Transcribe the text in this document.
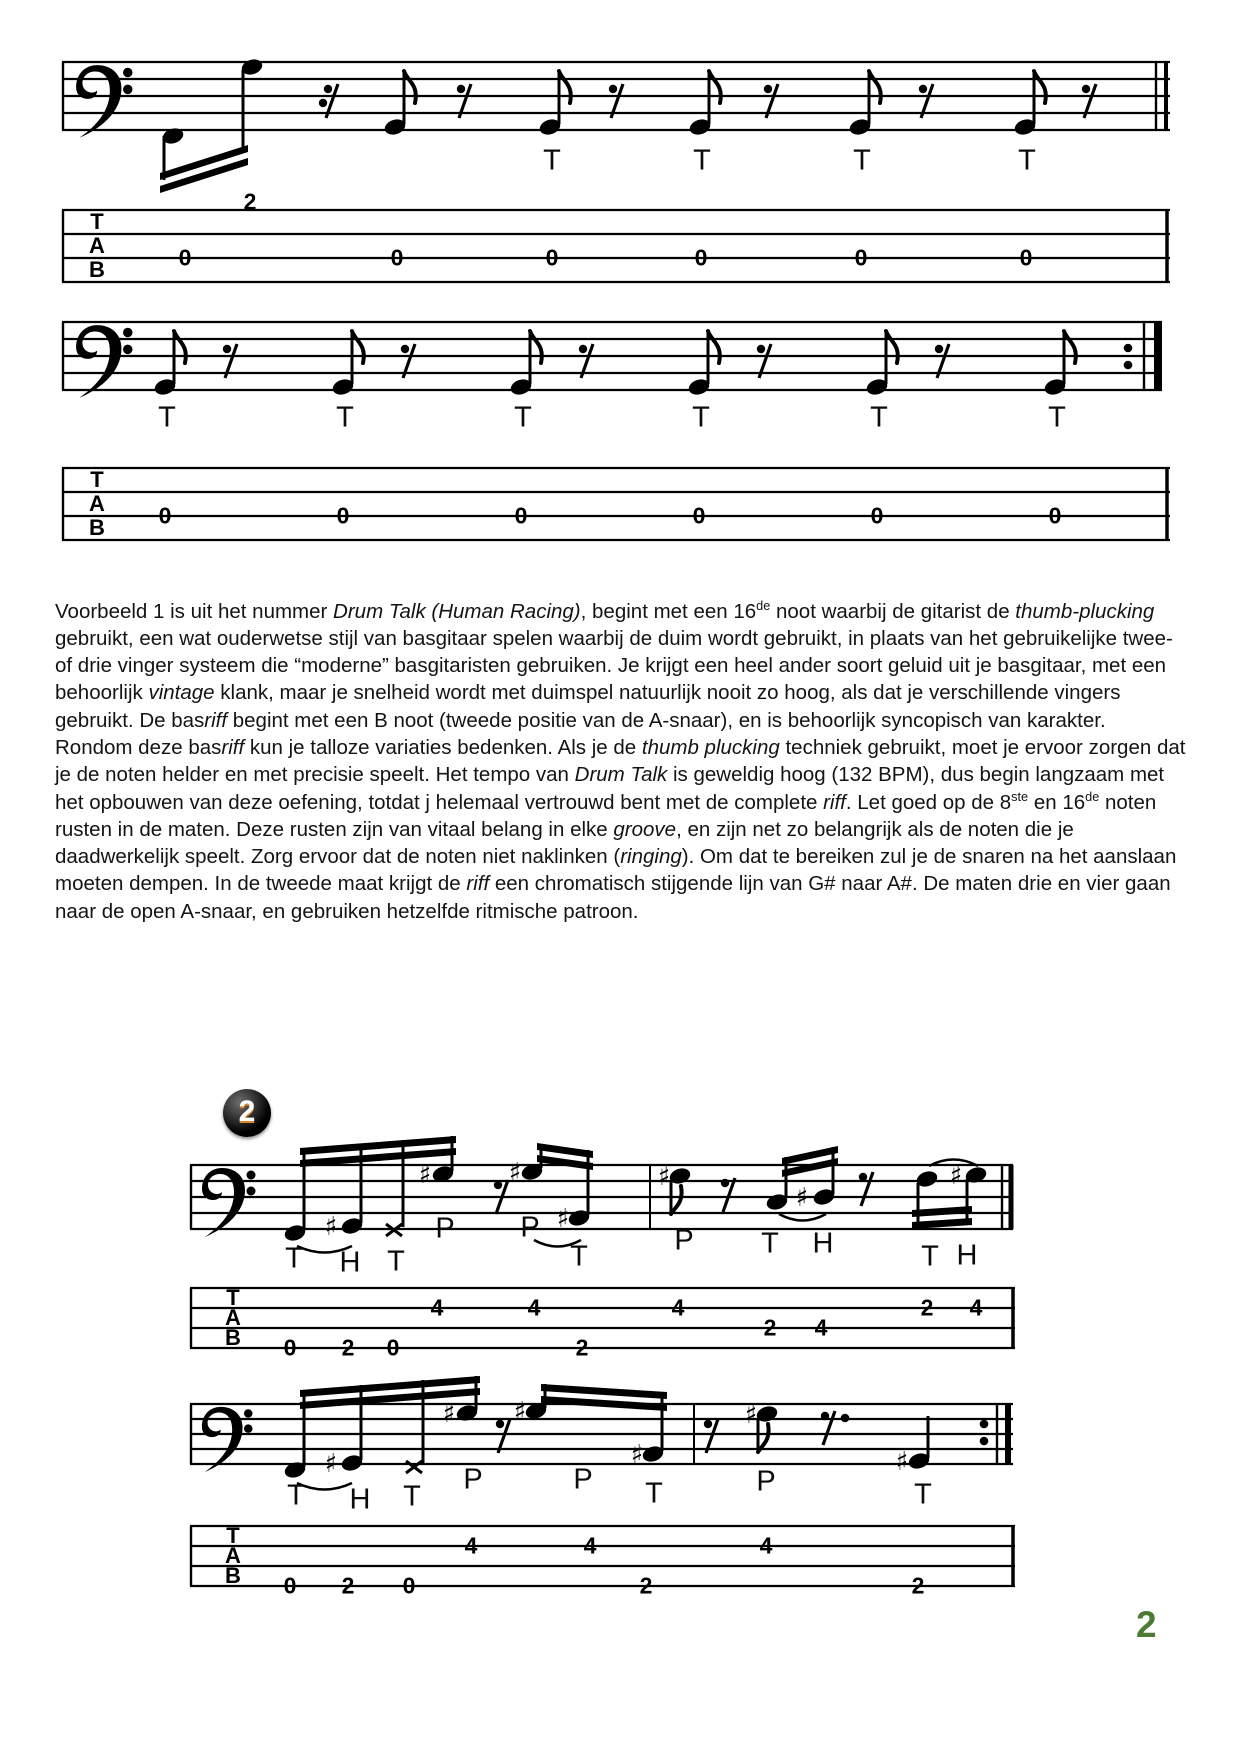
♯
♯	♯
♯
♯
♯
♯
♯
♯ ♯
♯
♯
♯
T
A
B
2
0	0	0	0	0	0
T	T	T	T
T
A
B 0	0	0	0	0	0
T	T	T	T	T	T
T
A
B
4	4	4	2 4
2 4
0 2 0	2
T H T
P P
T	P T H	T H
T
A
B
4	4	4
0 2 0	2	2
T H T
P	P T	P	T

Voorbeeld 1 is uit het nummer Drum Talk (Human Racing), begint met een 16de noot waarbij de gitarist de thumb-plucking gebruikt, een wat ouderwetse stijl van basgitaar spelen waarbij de duim wordt gebruikt, in plaats van het gebruikelijke twee- of drie vinger systeem die “moderne” basgitaristen gebruiken. Je krijgt een heel ander soort geluid uit je basgitaar, met een behoorlijk vintage klank, maar je snelheid wordt met duimspel natuurlijk nooit zo hoog, als dat je verschillende vingers gebruikt. De basriff begint met een B noot (tweede positie van de A-snaar), en is behoorlijk syncopisch van karakter. Rondom deze basriff kun je talloze variaties bedenken. Als je de thumb plucking techniek gebruikt, moet je ervoor zorgen dat je de noten helder en met precisie speelt. Het tempo van Drum Talk is geweldig hoog (132 BPM), dus begin langzaam met het opbouwen van deze oefening, totdat j helemaal vertrouwd bent met de complete riff. Let goed op de 8ste en 16de noten rusten in de maten. Deze rusten zijn van vitaal belang in elke groove, en zijn net zo belangrijk als de noten die je daadwerkelijk speelt. Zorg ervoor dat de noten niet naklinken (ringing). Om dat te bereiken zul je de snaren na het aanslaan moeten dempen. In de tweede maat krijgt de riff een chromatisch stijgende lijn van G# naar A#. De maten drie en vier gaan naar de open A-snaar, en gebruiken hetzelfde ritmische patroon.

2
2
